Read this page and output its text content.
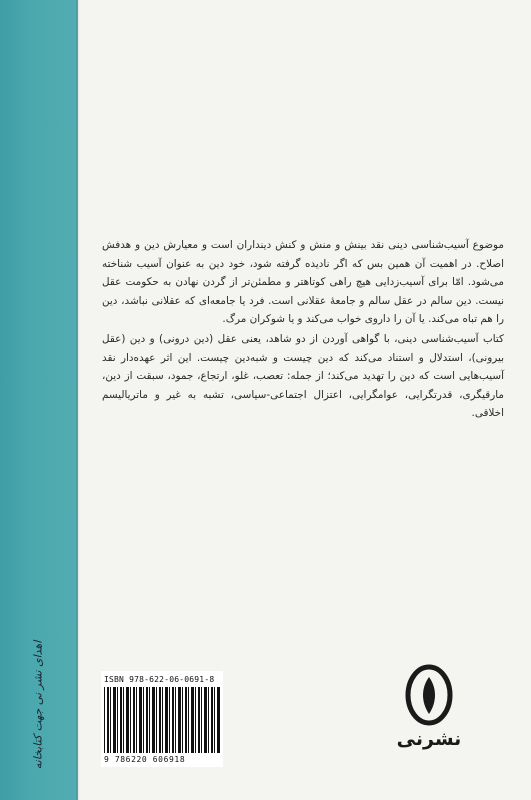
اهدای نشر نی جهت کتابخانه

موضوع آسیب‌شناسی دینی نقد بینش و منش و کنش دینداران است و معیارش دین و هدفش اصلاح. در اهمیت آن همین بس که اگر نادیده گرفته شود، خود دین به عنوان آسیب شناخته می‌شود. امّا برای آسیب‌زدایی هیچ راهی کوتاهتر و مطمئن‌تر از گردن نهادن به حکومت عقل نیست. دین سالم در عقل سالم و جامعهٔ عقلانی است. فرد یا جامعه‌ای که عقلانی نباشد، دین را هم تباه می‌کند. یا آن را داروی خواب می‌کند و یا شوکران مرگ.

کتاب آسیب‌شناسی دینی، با گواهی آوردن از دو شاهد، یعنی عقل (دین درونی) و دین (عقل بیرونی)، استدلال و استناد می‌کند که دین چیست و شبه‌دین چیست. این اثر عهده‌دار نقد آسیب‌هایی است که دین را تهدید می‌کند؛ از جمله: تعصب، غلو، ارتجاع، جمود، سبقت از دین، مارقیگری، قدرتگرایی، عوامگرایی، اعتزال اجتماعی-سیاسی، تشبه به غیر و ماتریالیسم اخلاقی.

ISBN 978-622-06-0691-8
9 786220 606918
نشرنی
